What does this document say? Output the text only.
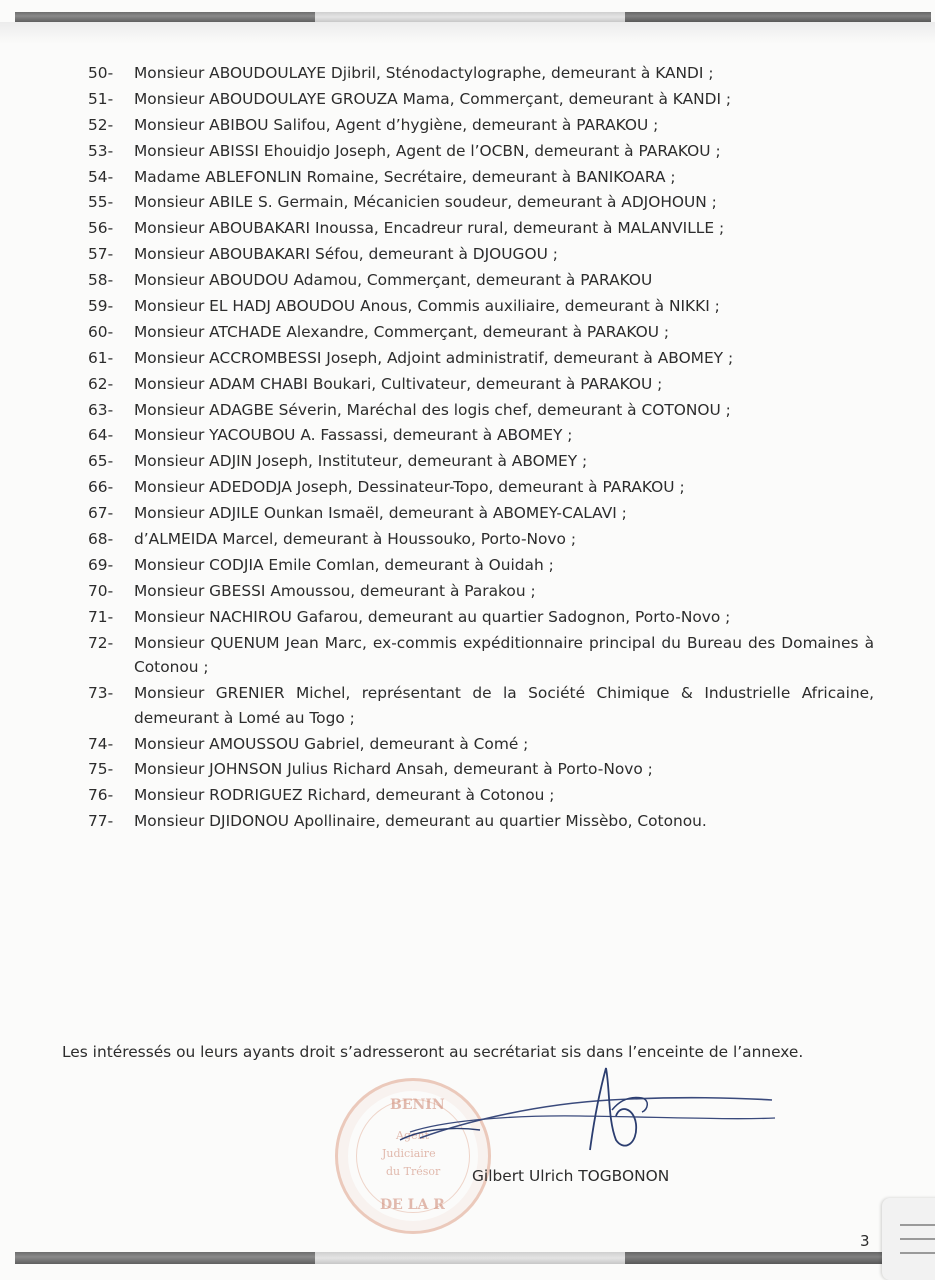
50-	Monsieur ABOUDOULAYE Djibril, Sténodactylographe, demeurant à KANDI ;
51-	Monsieur ABOUDOULAYE GROUZA Mama, Commerçant, demeurant à KANDI ;
52-	Monsieur ABIBOU Salifou, Agent d’hygiène, demeurant à PARAKOU ;
53-	Monsieur ABISSI Ehouidjo Joseph, Agent de l’OCBN, demeurant à PARAKOU ;
54-	Madame ABLEFONLIN Romaine, Secrétaire, demeurant à BANIKOARA ;
55-	Monsieur ABILE S. Germain, Mécanicien soudeur, demeurant à ADJOHOUN ;
56-	Monsieur ABOUBAKARI Inoussa, Encadreur rural, demeurant à MALANVILLE ;
57-	Monsieur ABOUBAKARI Séfou, demeurant à DJOUGOU ;
58-	Monsieur ABOUDOU Adamou, Commerçant, demeurant à PARAKOU
59-	Monsieur EL HADJ ABOUDOU Anous, Commis auxiliaire, demeurant à NIKKI ;
60-	Monsieur ATCHADE Alexandre, Commerçant, demeurant à PARAKOU ;
61-	Monsieur ACCROMBESSI Joseph, Adjoint administratif, demeurant à ABOMEY ;
62-	Monsieur ADAM CHABI Boukari, Cultivateur, demeurant à PARAKOU ;
63-	Monsieur ADAGBE Séverin, Maréchal des logis chef, demeurant à COTONOU ;
64-	Monsieur YACOUBOU A. Fassassi, demeurant à ABOMEY ;
65-	Monsieur ADJIN Joseph, Instituteur, demeurant à ABOMEY ;
66-	Monsieur ADEDODJA Joseph, Dessinateur-Topo, demeurant à PARAKOU ;
67-	Monsieur ADJILE Ounkan Ismaël, demeurant à ABOMEY-CALAVI ;
68-	d’ALMEIDA Marcel, demeurant à Houssouko, Porto-Novo ;
69-	Monsieur CODJIA Emile Comlan, demeurant à Ouidah ;
70-	Monsieur GBESSI Amoussou, demeurant à Parakou ;
71-	Monsieur NACHIROU Gafarou, demeurant au quartier Sadognon, Porto-Novo ;
72-	Monsieur QUENUM Jean Marc, ex-commis expéditionnaire principal du Bureau des Domaines à Cotonou ;
73-	Monsieur GRENIER Michel, représentant de la Société Chimique & Industrielle Africaine, demeurant à Lomé au Togo ;
74-	Monsieur AMOUSSOU Gabriel, demeurant à Comé ;
75-	Monsieur JOHNSON Julius Richard Ansah, demeurant à Porto-Novo ;
76-	Monsieur RODRIGUEZ Richard, demeurant à Cotonou ;
77-	Monsieur DJIDONOU Apollinaire, demeurant au quartier Missèbo, Cotonou.

Les intéressés ou leurs ayants droit s’adresseront au secrétariat sis dans l’enceinte de l’annexe.

BENIN
Agent
Judiciaire
du Trésor
DE LA R

Gilbert Ulrich TOGBONON

3
